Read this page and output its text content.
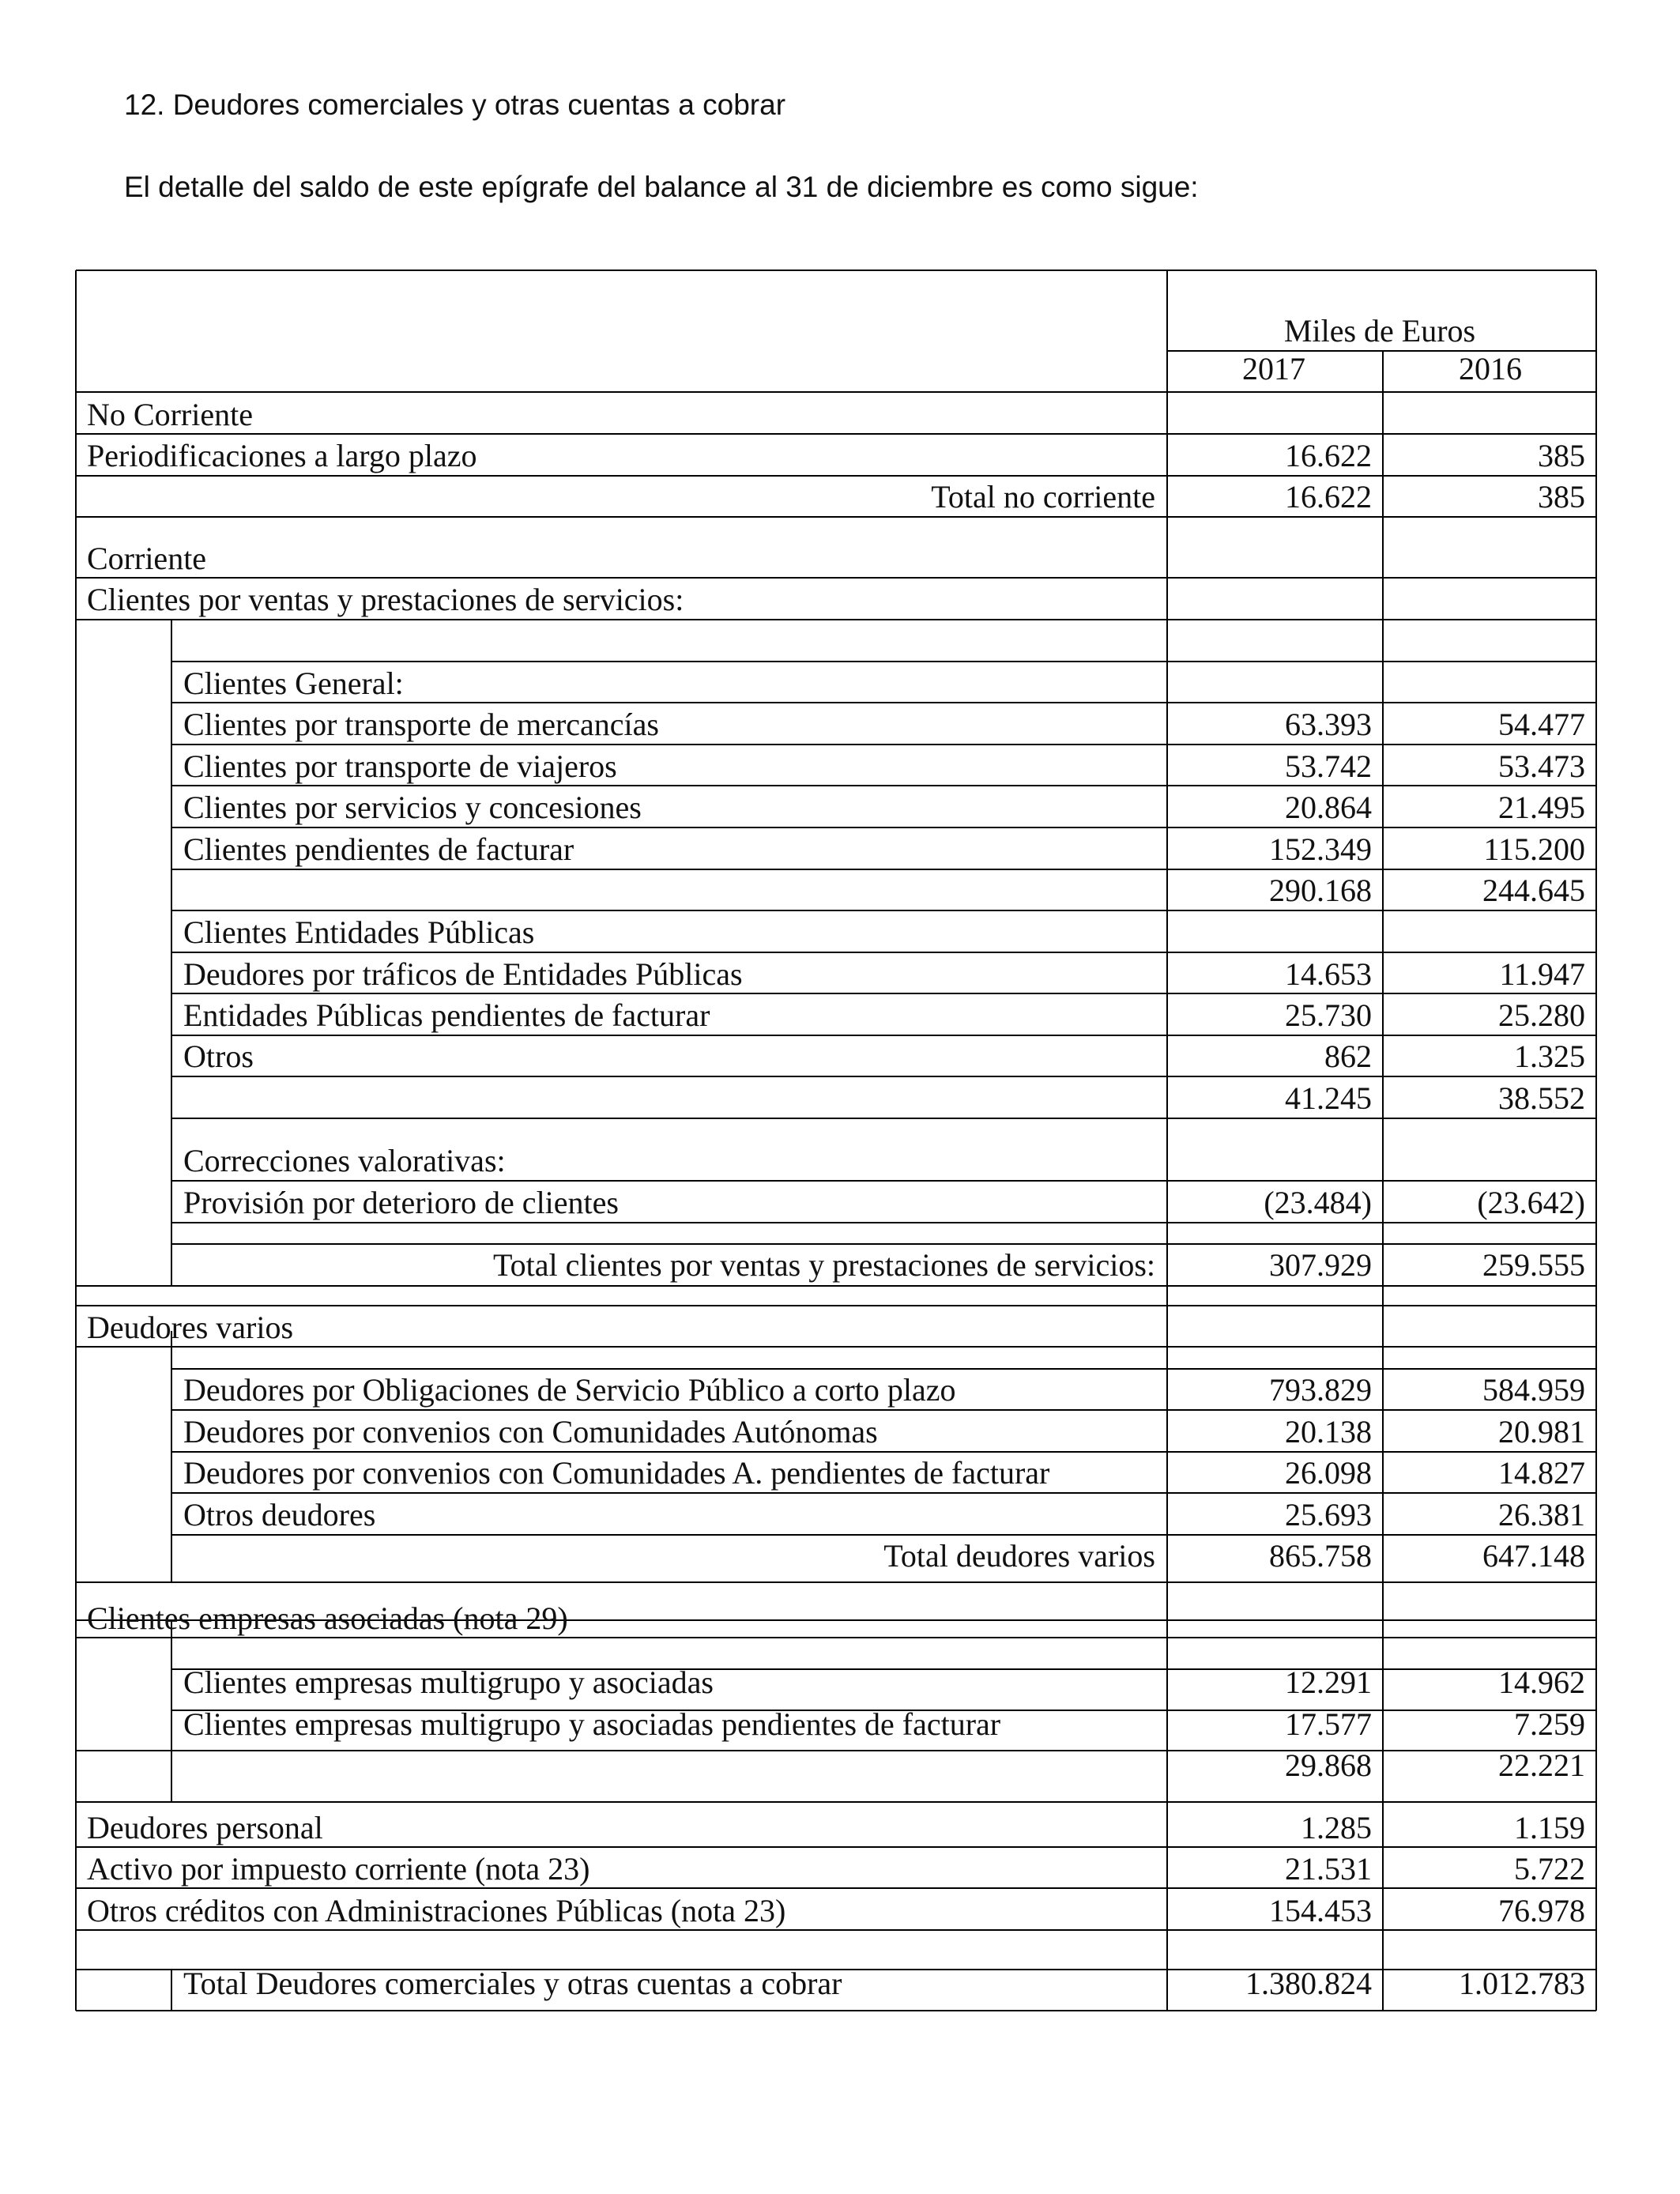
12. Deudores comerciales y otras cuentas a cobrar
El detalle del saldo de este epígrafe del balance al 31 de diciembre es como sigue:
Miles de Euros
2017	2016
No Corriente
Periodificaciones a largo plazo	16.622	385
Total no corriente	16.622	385
Corriente
Clientes por ventas y prestaciones de servicios:
Clientes General:
Clientes por transporte de mercancías	63.393	54.477
Clientes por transporte de viajeros	53.742	53.473
Clientes por servicios y concesiones	20.864	21.495
Clientes pendientes de facturar	152.349	115.200
290.168	244.645
Clientes Entidades Públicas
Deudores por tráficos de Entidades Públicas	14.653	11.947
Entidades Públicas pendientes de facturar	25.730	25.280
Otros	862	1.325
41.245	38.552
Correcciones valorativas:
Provisión por deterioro de clientes	(23.484)	(23.642)
Total clientes por ventas y prestaciones de servicios:	307.929	259.555
Deudores varios
Deudores por Obligaciones de Servicio Público a corto plazo	793.829	584.959
Deudores por convenios con Comunidades Autónomas	20.138	20.981
Deudores por convenios con Comunidades A. pendientes de facturar	26.098	14.827
Otros deudores	25.693	26.381
Total deudores varios	865.758	647.148
Clientes empresas asociadas (nota 29)
Clientes empresas multigrupo y asociadas	12.291	14.962
Clientes empresas multigrupo y asociadas pendientes de facturar	17.577	7.259
29.868	22.221
Deudores personal	1.285	1.159
Activo por impuesto corriente (nota 23)	21.531	5.722
Otros créditos con Administraciones Públicas (nota 23)	154.453	76.978
Total Deudores comerciales y otras cuentas a cobrar	1.380.824	1.012.783
